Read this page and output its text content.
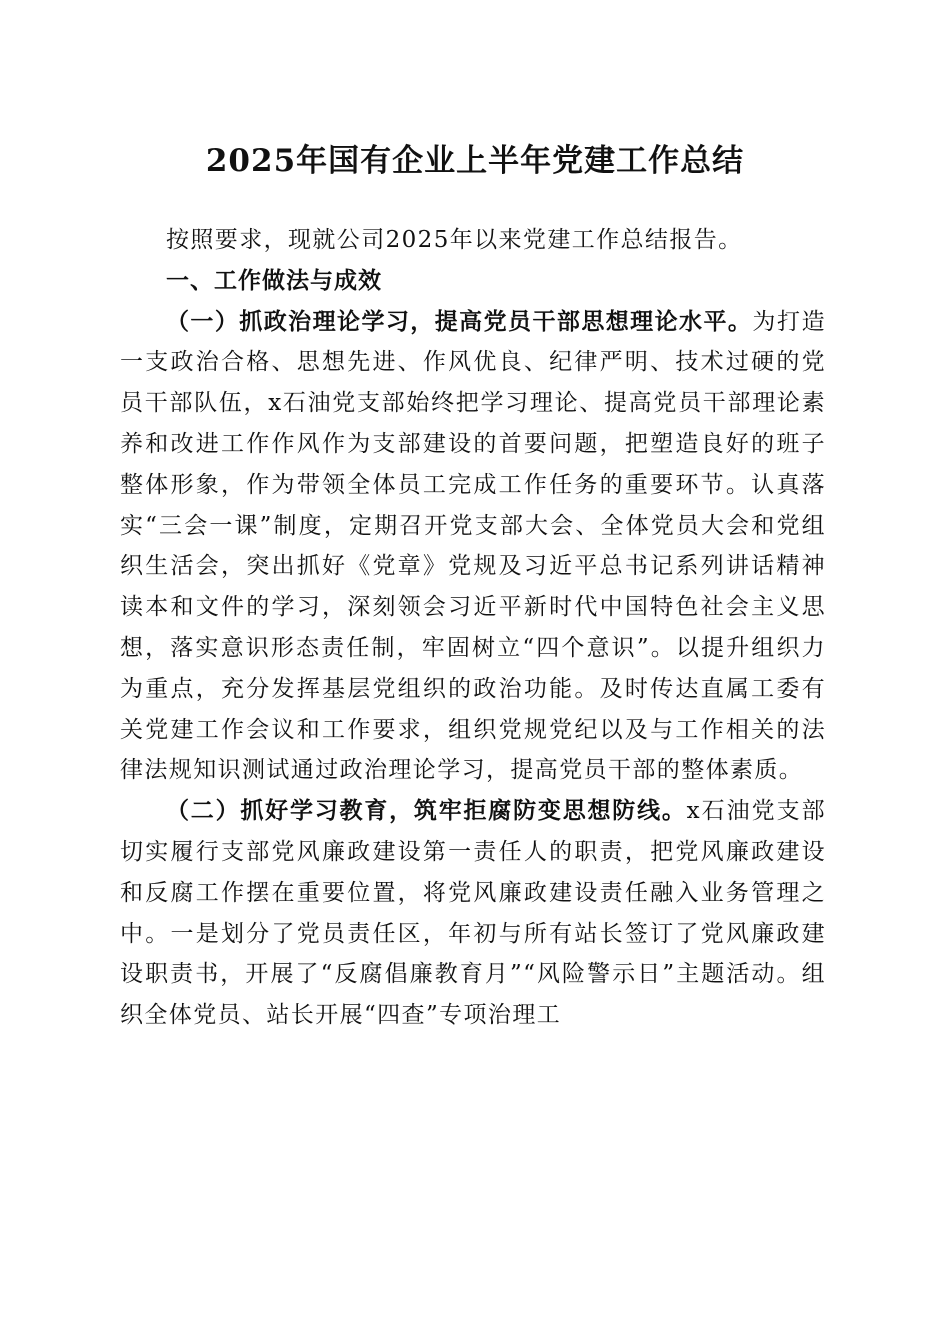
2025年国有企业上半年党建工作总结

按照要求，现就公司2025年以来党建工作总结报告。

一、工作做法与成效

（一）抓政治理论学习，提高党员干部思想理论水平。为打造一支政治合格、思想先进、作风优良、纪律严明、技术过硬的党员干部队伍，x石油党支部始终把学习理论、提高党员干部理论素养和改进工作作风作为支部建设的首要问题，把塑造良好的班子整体形象，作为带领全体员工完成工作任务的重要环节。认真落实“三会一课”制度，定期召开党支部大会、全体党员大会和党组织生活会，突出抓好《党章》党规及习近平总书记系列讲话精神读本和文件的学习，深刻领会习近平新时代中国特色社会主义思想，落实意识形态责任制，牢固树立“四个意识”。以提升组织力为重点，充分发挥基层党组织的政治功能。及时传达直属工委有关党建工作会议和工作要求，组织党规党纪以及与工作相关的法律法规知识测试通过政治理论学习，提高党员干部的整体素质。

（二）抓好学习教育，筑牢拒腐防变思想防线。x石油党支部切实履行支部党风廉政建设第一责任人的职责，把党风廉政建设和反腐工作摆在重要位置，将党风廉政建设责任融入业务管理之中。一是划分了党员责任区，年初与所有站长签订了党风廉政建设职责书，开展了“反腐倡廉教育月”“风险警示日”主题活动。组织全体党员、站长开展“四查”专项治理工
